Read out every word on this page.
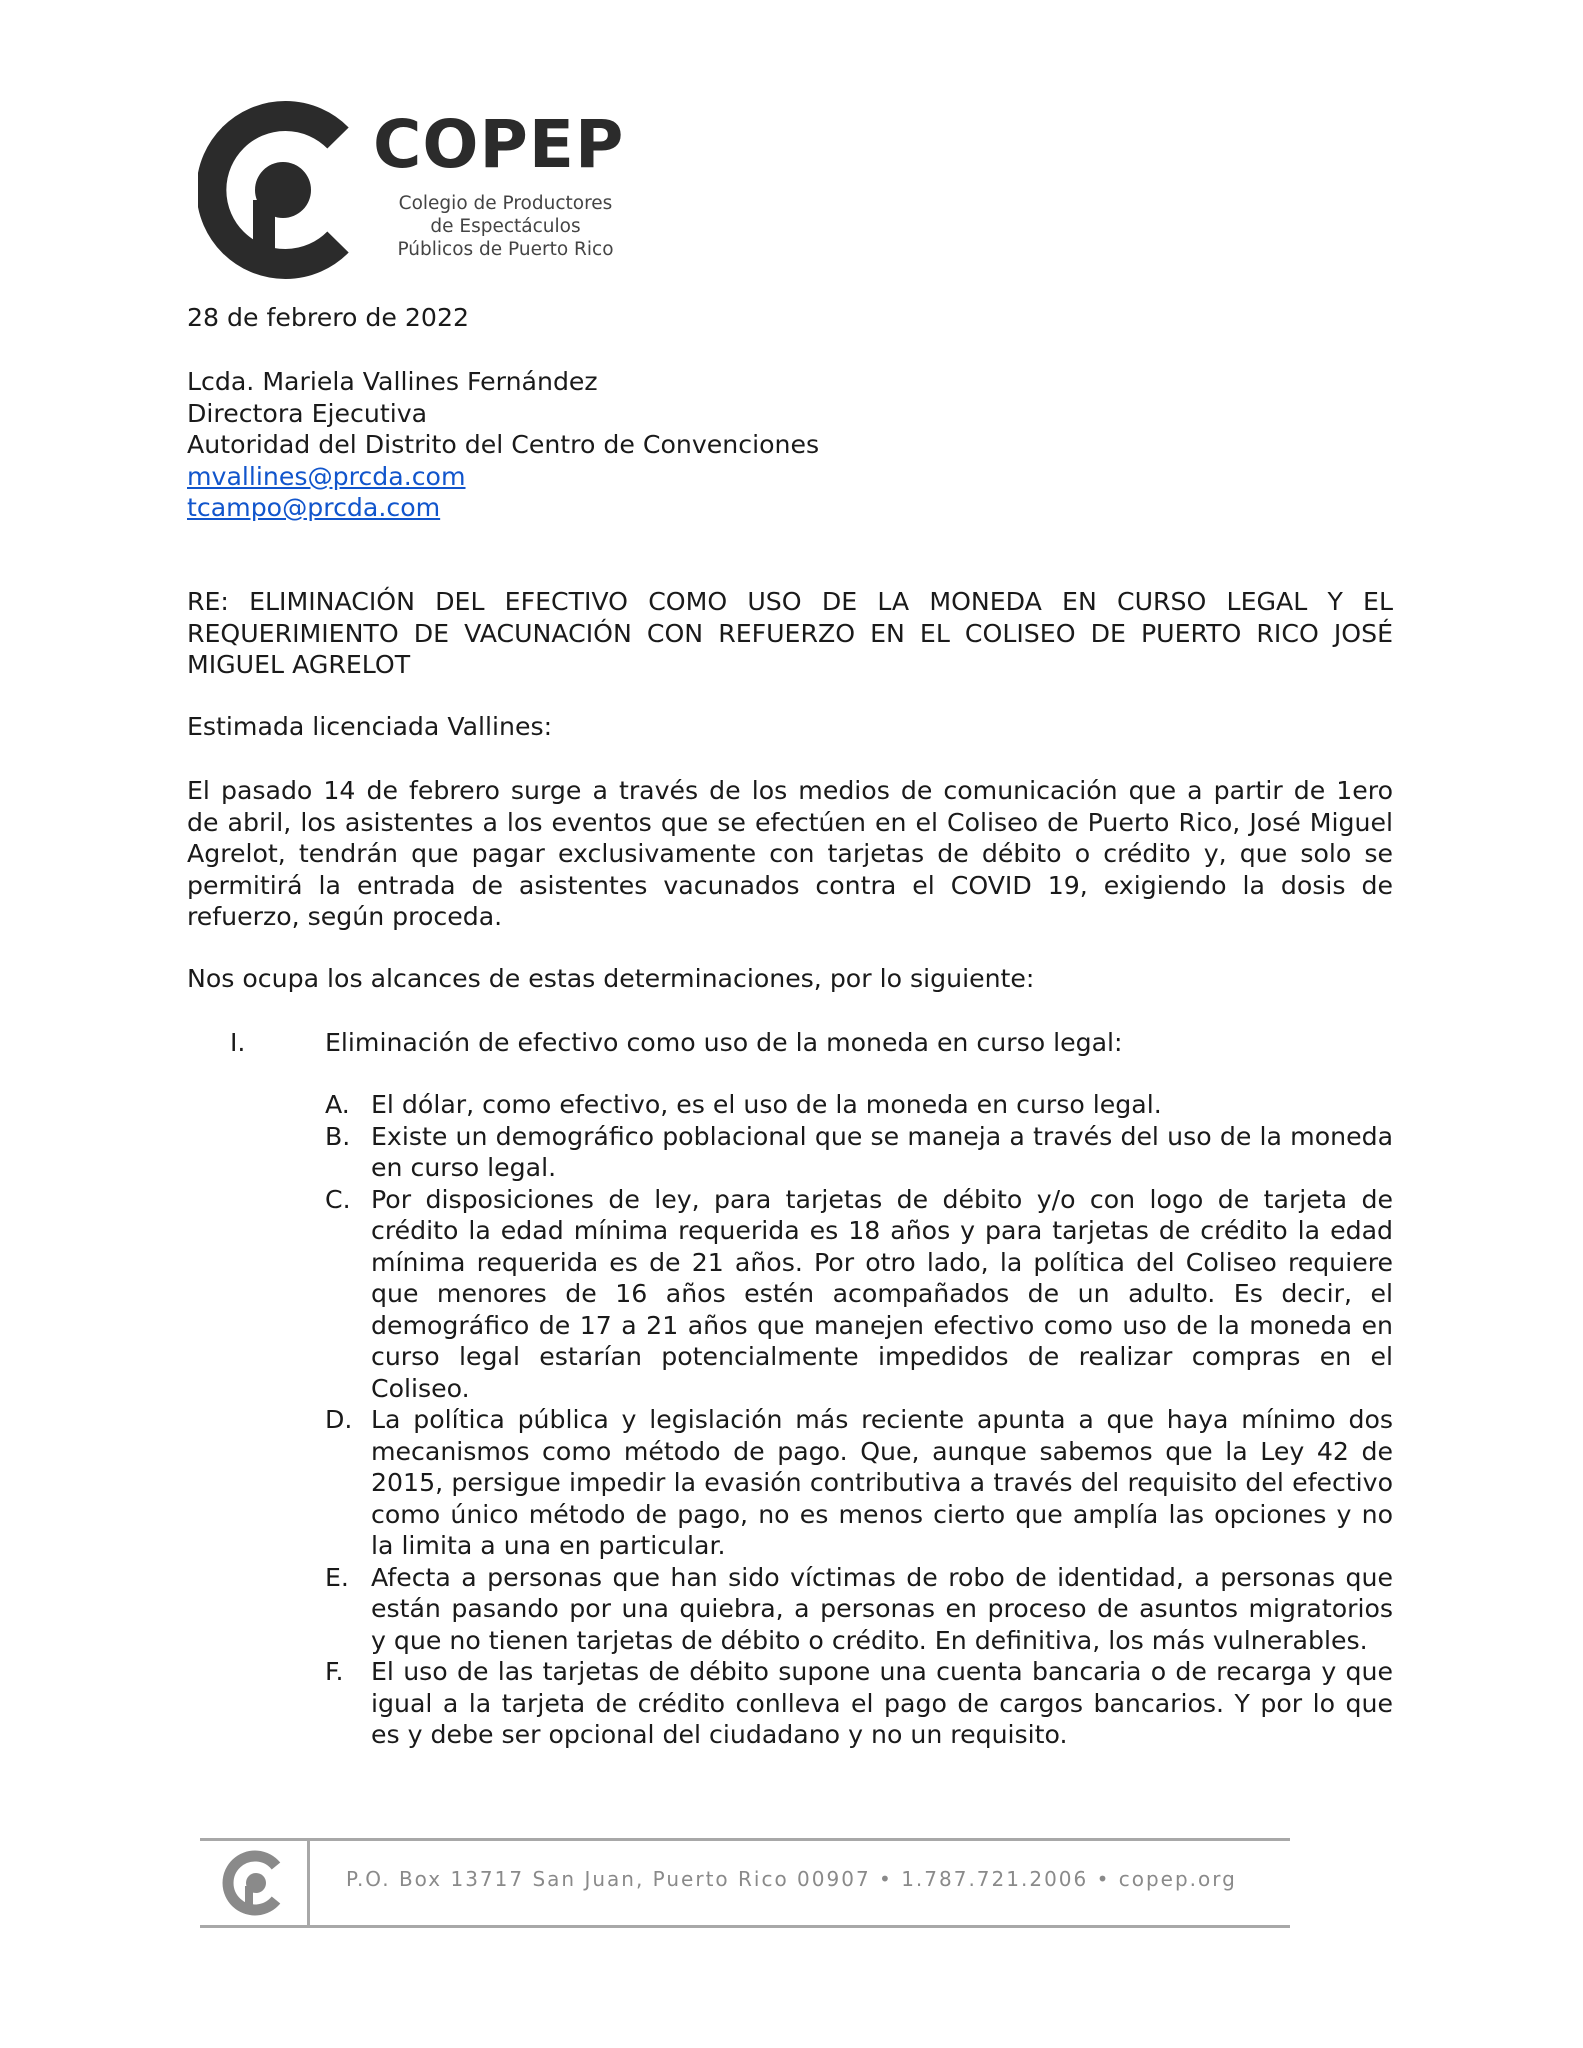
COPEP
Colegio de Productores
de Espectáculos
Públicos de Puerto Rico
28 de febrero de 2022
Lcda. Mariela Vallines Fernández
Directora Ejecutiva
Autoridad del Distrito del Centro de Convenciones
mvallines@prcda.com
tcampo@prcda.com
RE: ELIMINACIÓN DEL EFECTIVO COMO USO DE LA MONEDA EN CURSO LEGAL Y EL
REQUERIMIENTO DE VACUNACIÓN CON REFUERZO EN EL COLISEO DE PUERTO RICO JOSÉ
MIGUEL AGRELOT
Estimada licenciada Vallines:
El pasado 14 de febrero surge a través de los medios de comunicación que a partir de 1ero
de abril, los asistentes a los eventos que se efectúen en el Coliseo de Puerto Rico, José Miguel
Agrelot, tendrán que pagar exclusivamente con tarjetas de débito o crédito y, que solo se
permitirá la entrada de asistentes vacunados contra el COVID 19, exigiendo la dosis de
refuerzo, según proceda.
Nos ocupa los alcances de estas determinaciones, por lo siguiente:
I.	Eliminación de efectivo como uso de la moneda en curso legal:
A. El dólar, como efectivo, es el uso de la moneda en curso legal.
B. Existe un demográfico poblacional que se maneja a través del uso de la moneda
en curso legal.
C. Por disposiciones de ley, para tarjetas de débito y/o con logo de tarjeta de
crédito la edad mínima requerida es 18 años y para tarjetas de crédito la edad
mínima requerida es de 21 años. Por otro lado, la política del Coliseo requiere
que menores de 16 años estén acompañados de un adulto. Es decir, el
demográfico de 17 a 21 años que manejen efectivo como uso de la moneda en
curso legal estarían potencialmente impedidos de realizar compras en el
Coliseo.
D. La política pública y legislación más reciente apunta a que haya mínimo dos
mecanismos como método de pago. Que, aunque sabemos que la Ley 42 de
2015, persigue impedir la evasión contributiva a través del requisito del efectivo
como único método de pago, no es menos cierto que amplía las opciones y no
la limita a una en particular.
E. Afecta a personas que han sido víctimas de robo de identidad, a personas que
están pasando por una quiebra, a personas en proceso de asuntos migratorios
y que no tienen tarjetas de débito o crédito. En definitiva, los más vulnerables.
F. El uso de las tarjetas de débito supone una cuenta bancaria o de recarga y que
igual a la tarjeta de crédito conlleva el pago de cargos bancarios. Y por lo que
es y debe ser opcional del ciudadano y no un requisito.
P.O. Box 13717 San Juan, Puerto Rico 00907 • 1.787.721.2006 • copep.org
